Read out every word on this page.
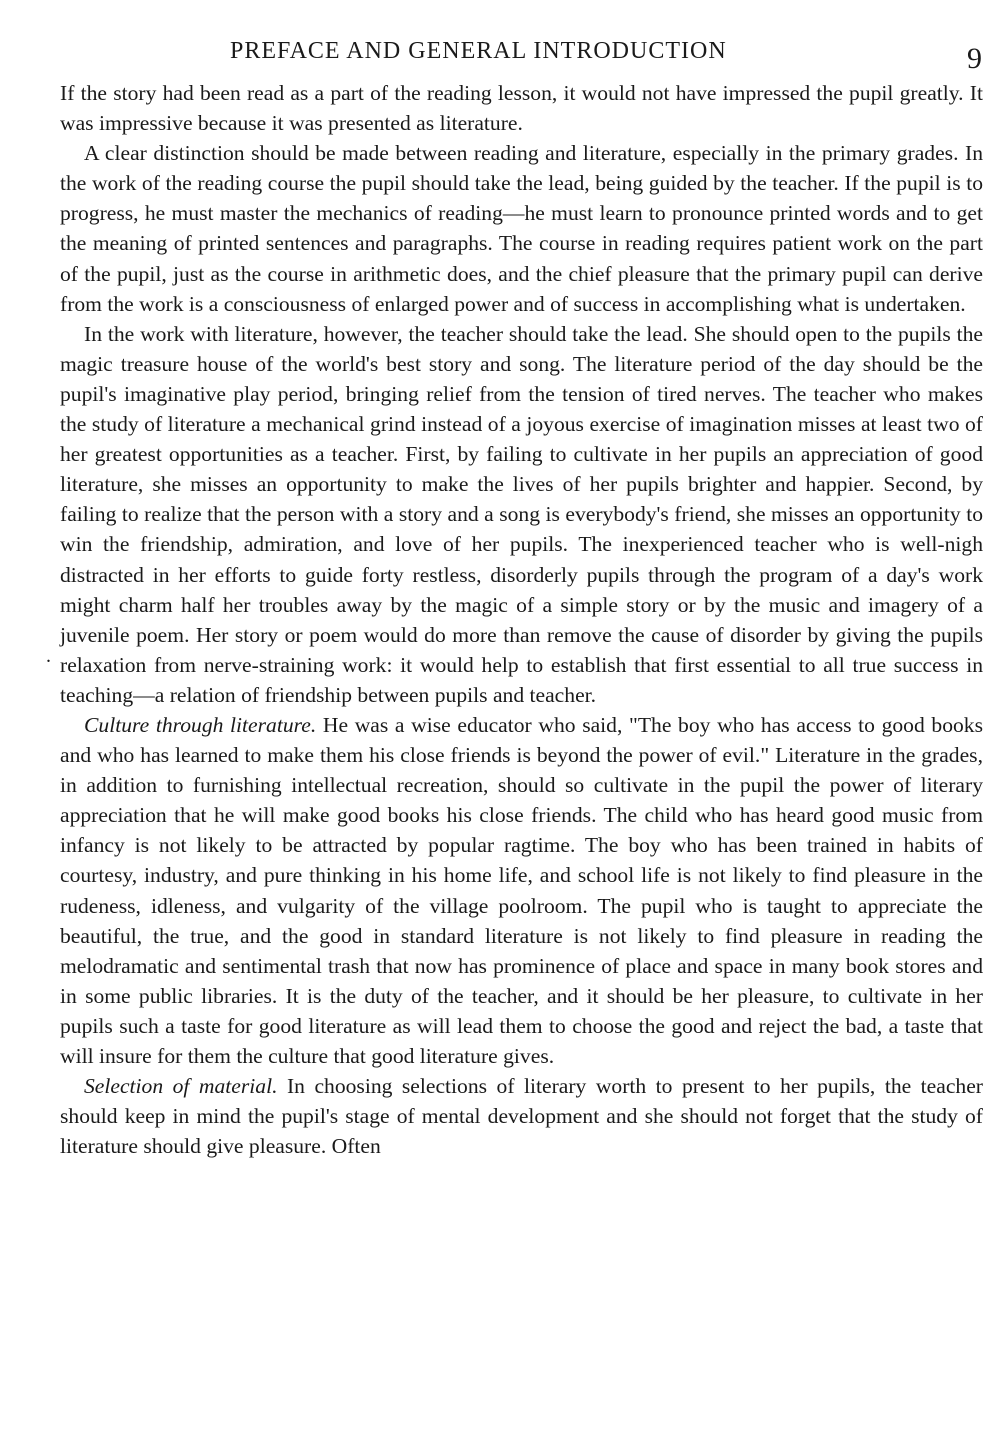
PREFACE AND GENERAL INTRODUCTION	9
.

If the story had been read as a part of the reading lesson, it would not have impressed the pupil greatly. It was impressive because it was presented as literature.

A clear distinction should be made between reading and literature, especially in the primary grades. In the work of the reading course the pupil should take the lead, being guided by the teacher. If the pupil is to progress, he must master the mechanics of reading—he must learn to pronounce printed words and to get the meaning of printed sentences and paragraphs. The course in reading requires patient work on the part of the pupil, just as the course in arithmetic does, and the chief pleasure that the primary pupil can derive from the work is a consciousness of enlarged power and of success in accomplishing what is undertaken.

In the work with literature, however, the teacher should take the lead. She should open to the pupils the magic treasure house of the world's best story and song. The literature period of the day should be the pupil's imaginative play period, bringing relief from the tension of tired nerves. The teacher who makes the study of literature a mechanical grind instead of a joyous exercise of imagination misses at least two of her greatest opportunities as a teacher. First, by failing to cultivate in her pupils an appreciation of good literature, she misses an opportunity to make the lives of her pupils brighter and happier. Second, by failing to realize that the person with a story and a song is everybody's friend, she misses an opportunity to win the friendship, admiration, and love of her pupils. The inexperienced teacher who is well-nigh distracted in her efforts to guide forty restless, disorderly pupils through the program of a day's work might charm half her troubles away by the magic of a simple story or by the music and imagery of a juvenile poem. Her story or poem would do more than remove the cause of disorder by giving the pupils relaxation from nerve-straining work: it would help to establish that first essential to all true success in teaching—a relation of friendship between pupils and teacher.

Culture through literature. He was a wise educator who said, "The boy who has access to good books and who has learned to make them his close friends is beyond the power of evil." Literature in the grades, in addition to furnishing intellectual recreation, should so cultivate in the pupil the power of literary appreciation that he will make good books his close friends. The child who has heard good music from infancy is not likely to be attracted by popular ragtime. The boy who has been trained in habits of courtesy, industry, and pure thinking in his home life, and school life is not likely to find pleasure in the rudeness, idleness, and vulgarity of the village poolroom. The pupil who is taught to appreciate the beautiful, the true, and the good in standard literature is not likely to find pleasure in reading the melodramatic and sentimental trash that now has prominence of place and space in many book stores and in some public libraries. It is the duty of the teacher, and it should be her pleasure, to cultivate in her pupils such a taste for good literature as will lead them to choose the good and reject the bad, a taste that will insure for them the culture that good literature gives.

Selection of material. In choosing selections of literary worth to present to her pupils, the teacher should keep in mind the pupil's stage of mental development and she should not forget that the study of literature should give pleasure. Often
